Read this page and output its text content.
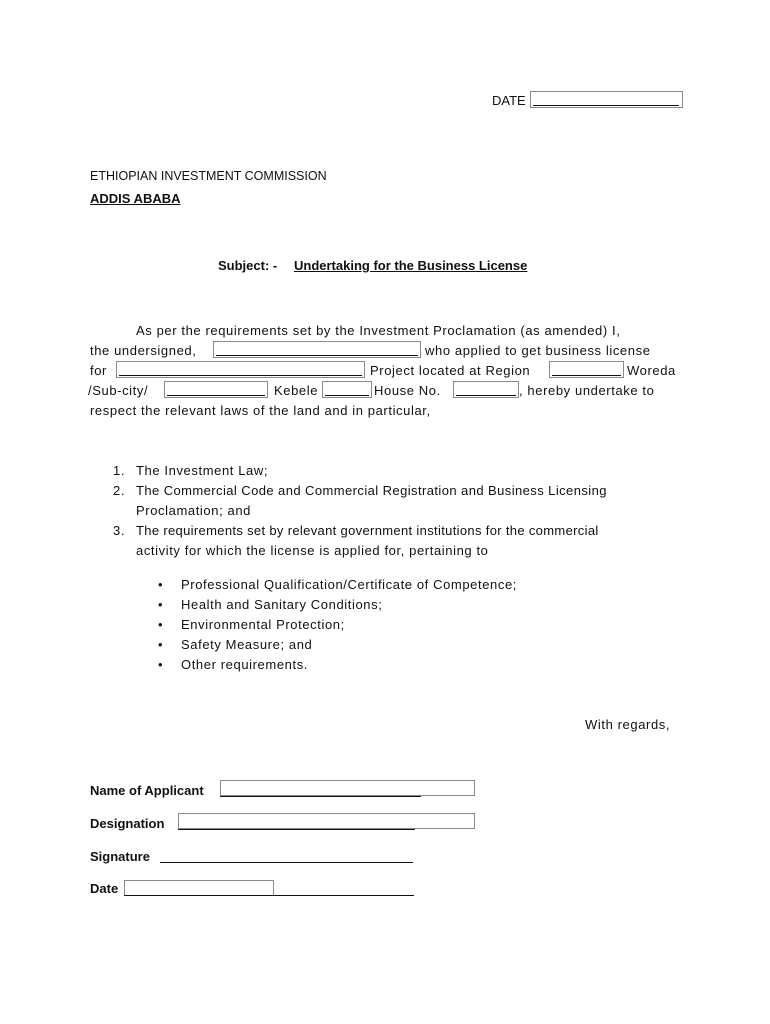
DATE
ETHIOPIAN INVESTMENT COMMISSION
ADDIS ABABA
Subject: - Undertaking for the Business License
As per the requirements set by the Investment Proclamation (as amended) I,
the undersigned,	who applied to get business license
for	Project located at Region	Woreda
/Sub-city/	Kebele	House No.	, hereby undertake to
respect the relevant laws of the land and in particular,
1. The Investment Law;
2. The Commercial Code and Commercial Registration and Business Licensing
Proclamation; and
3. The requirements set by relevant government institutions for the commercial
activity for which the license is applied for, pertaining to
• Professional Qualification/Certificate of Competence;
• Health and Sanitary Conditions;
• Environmental Protection;
• Safety Measure; and
• Other requirements.
With regards,
Name of Applicant
Designation
Signature
Date
